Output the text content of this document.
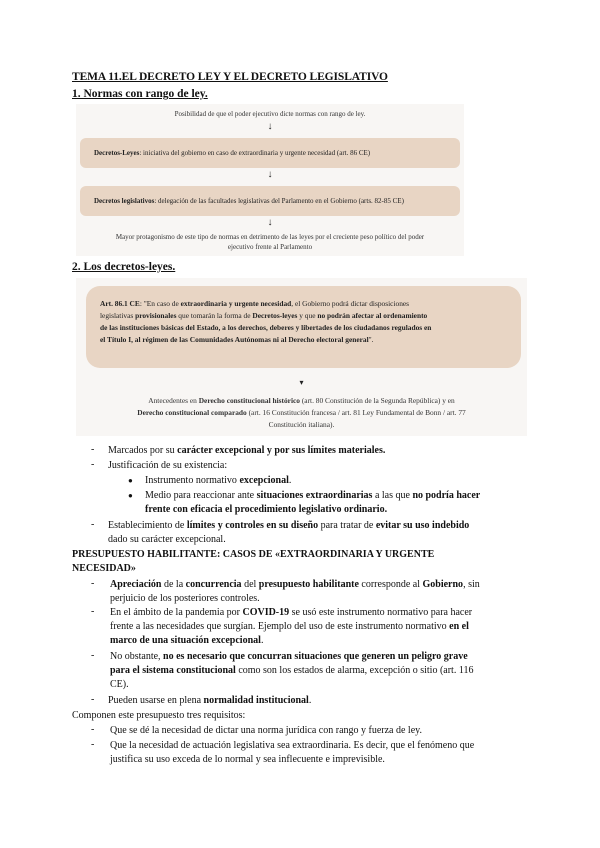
TEMA 11.EL DECRETO LEY Y EL DECRETO LEGISLATIVO
1. Normas con rango de ley.
Posibilidad de que el poder ejecutivo dicte normas con rango de ley.
↓
Decretos-Leyes: iniciativa del gobierno en caso de extraordinaria y urgente necesidad (art. 86 CE)
↓
Decretos legislativos: delegación de las facultades legislativas del Parlamento en el Gobierno (arts. 82-85 CE)
↓
Mayor protagonismo de este tipo de normas en detrimento de las leyes por el creciente peso político del poder
ejecutivo frente al Parlamento
2. Los decretos-leyes.
Art. 86.1 CE: "En caso de extraordinaria y urgente necesidad, el Gobierno podrá dictar disposiciones
legislativas provisionales que tomarán la forma de Decretos-leyes y que no podrán afectar al ordenamiento
de las instituciones básicas del Estado, a los derechos, deberes y libertades de los ciudadanos regulados en
el Título I, al régimen de las Comunidades Autónomas ni al Derecho electoral general".
▾
Antecedentes en Derecho constitucional histórico (art. 80 Constitución de la Segunda República) y en
Derecho constitucional comparado (art. 16 Constitución francesa / art. 81 Ley Fundamental de Bonn / art. 77
Constitución italiana).
- Marcados por su carácter excepcional y por sus límites materiales.
- Justificación de su existencia:
● Instrumento normativo excepcional.
● Medio para reaccionar ante situaciones extraordinarias a las que no podría hacer
frente con eficacia el procedimiento legislativo ordinario.
- Establecimiento de límites y controles en su diseño para tratar de evitar su uso indebido
dado su carácter excepcional.
PRESUPUESTO HABILITANTE: CASOS DE «EXTRAORDINARIA Y URGENTE
NECESIDAD»
- Apreciación de la concurrencia del presupuesto habilitante corresponde al Gobierno, sin
perjuicio de los posteriores controles.
- En el ámbito de la pandemia por COVID-19 se usó este instrumento normativo para hacer
frente a las necesidades que surgían. Ejemplo del uso de este instrumento normativo en el
marco de una situación excepcional.
- No obstante, no es necesario que concurran situaciones que generen un peligro grave
para el sistema constitucional como son los estados de alarma, excepción o sitio (art. 116
CE).
- Pueden usarse en plena normalidad institucional.
Componen este presupuesto tres requisitos:
- Que se dé la necesidad de dictar una norma jurídica con rango y fuerza de ley.
- Que la necesidad de actuación legislativa sea extraordinaria. Es decir, que el fenómeno que
justifica su uso exceda de lo normal y sea inflecuente e imprevisible.
